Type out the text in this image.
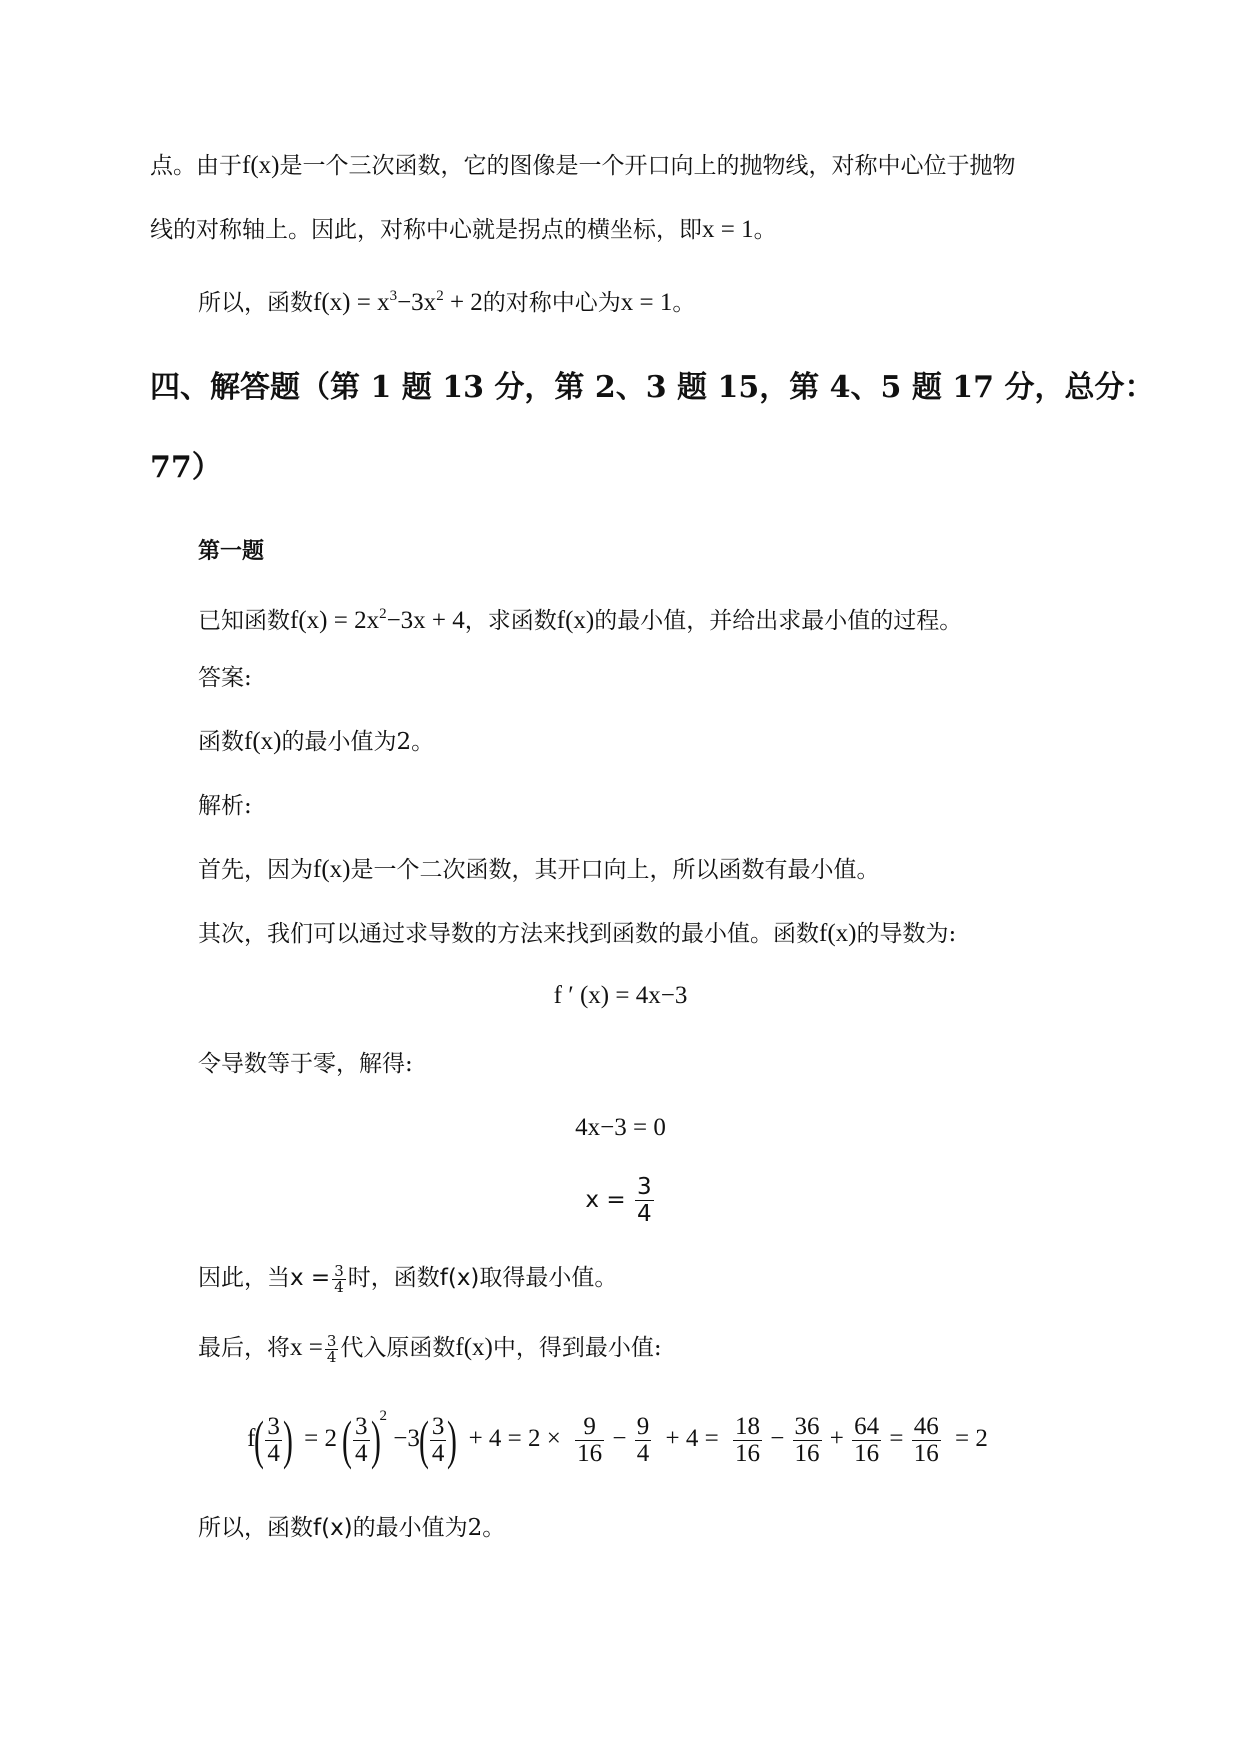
点。由于f(x)是一个三次函数，它的图像是一个开口向上的抛物线，对称中心位于抛物
线的对称轴上。因此，对称中心就是拐点的横坐标，即x = 1。
所以，函数$f(x) = x^3-3x^2 + 2$的对称中心为x = 1。
四、解答题（第 1 题 13 分，第 2、3 题 15，第 4、5 题 17 分，总分：
77）
第一题
已知函数$f(x) = 2x^2-3x + 4$，求函数f(x)的最小值，并给出求最小值的过程。
答案:
函数f(x)的最小值为2。
解析:
首先，因为f(x)是一个二次函数，其开口向上，所以函数有最小值。
其次，我们可以通过求导数的方法来找到函数的最小值。函数f(x)的导数为:
f ′ (x) = 4x−3
令导数等于零，解得:
4x−3 = 0
$x = \frac{3}{4}$
因此，当$x = \frac{3}{4}$ 时，函数f(x)取得最小值。
最后，将$x = \frac{3}{4}$ 代入原函数f(x)中，得到最小值:
$f( \frac{3}{4}$ ) = $2( \frac{3}{4} )^2 -3( \frac{3}{4}$ ) + $4 = 2 \times \frac{9}{16} - \frac{9}{4} + 4 = \frac{18}{16} - \frac{36}{16} + \frac{64}{16} = \frac{46}{16} = 2$
所以，函数f(x)的最小值为2。
